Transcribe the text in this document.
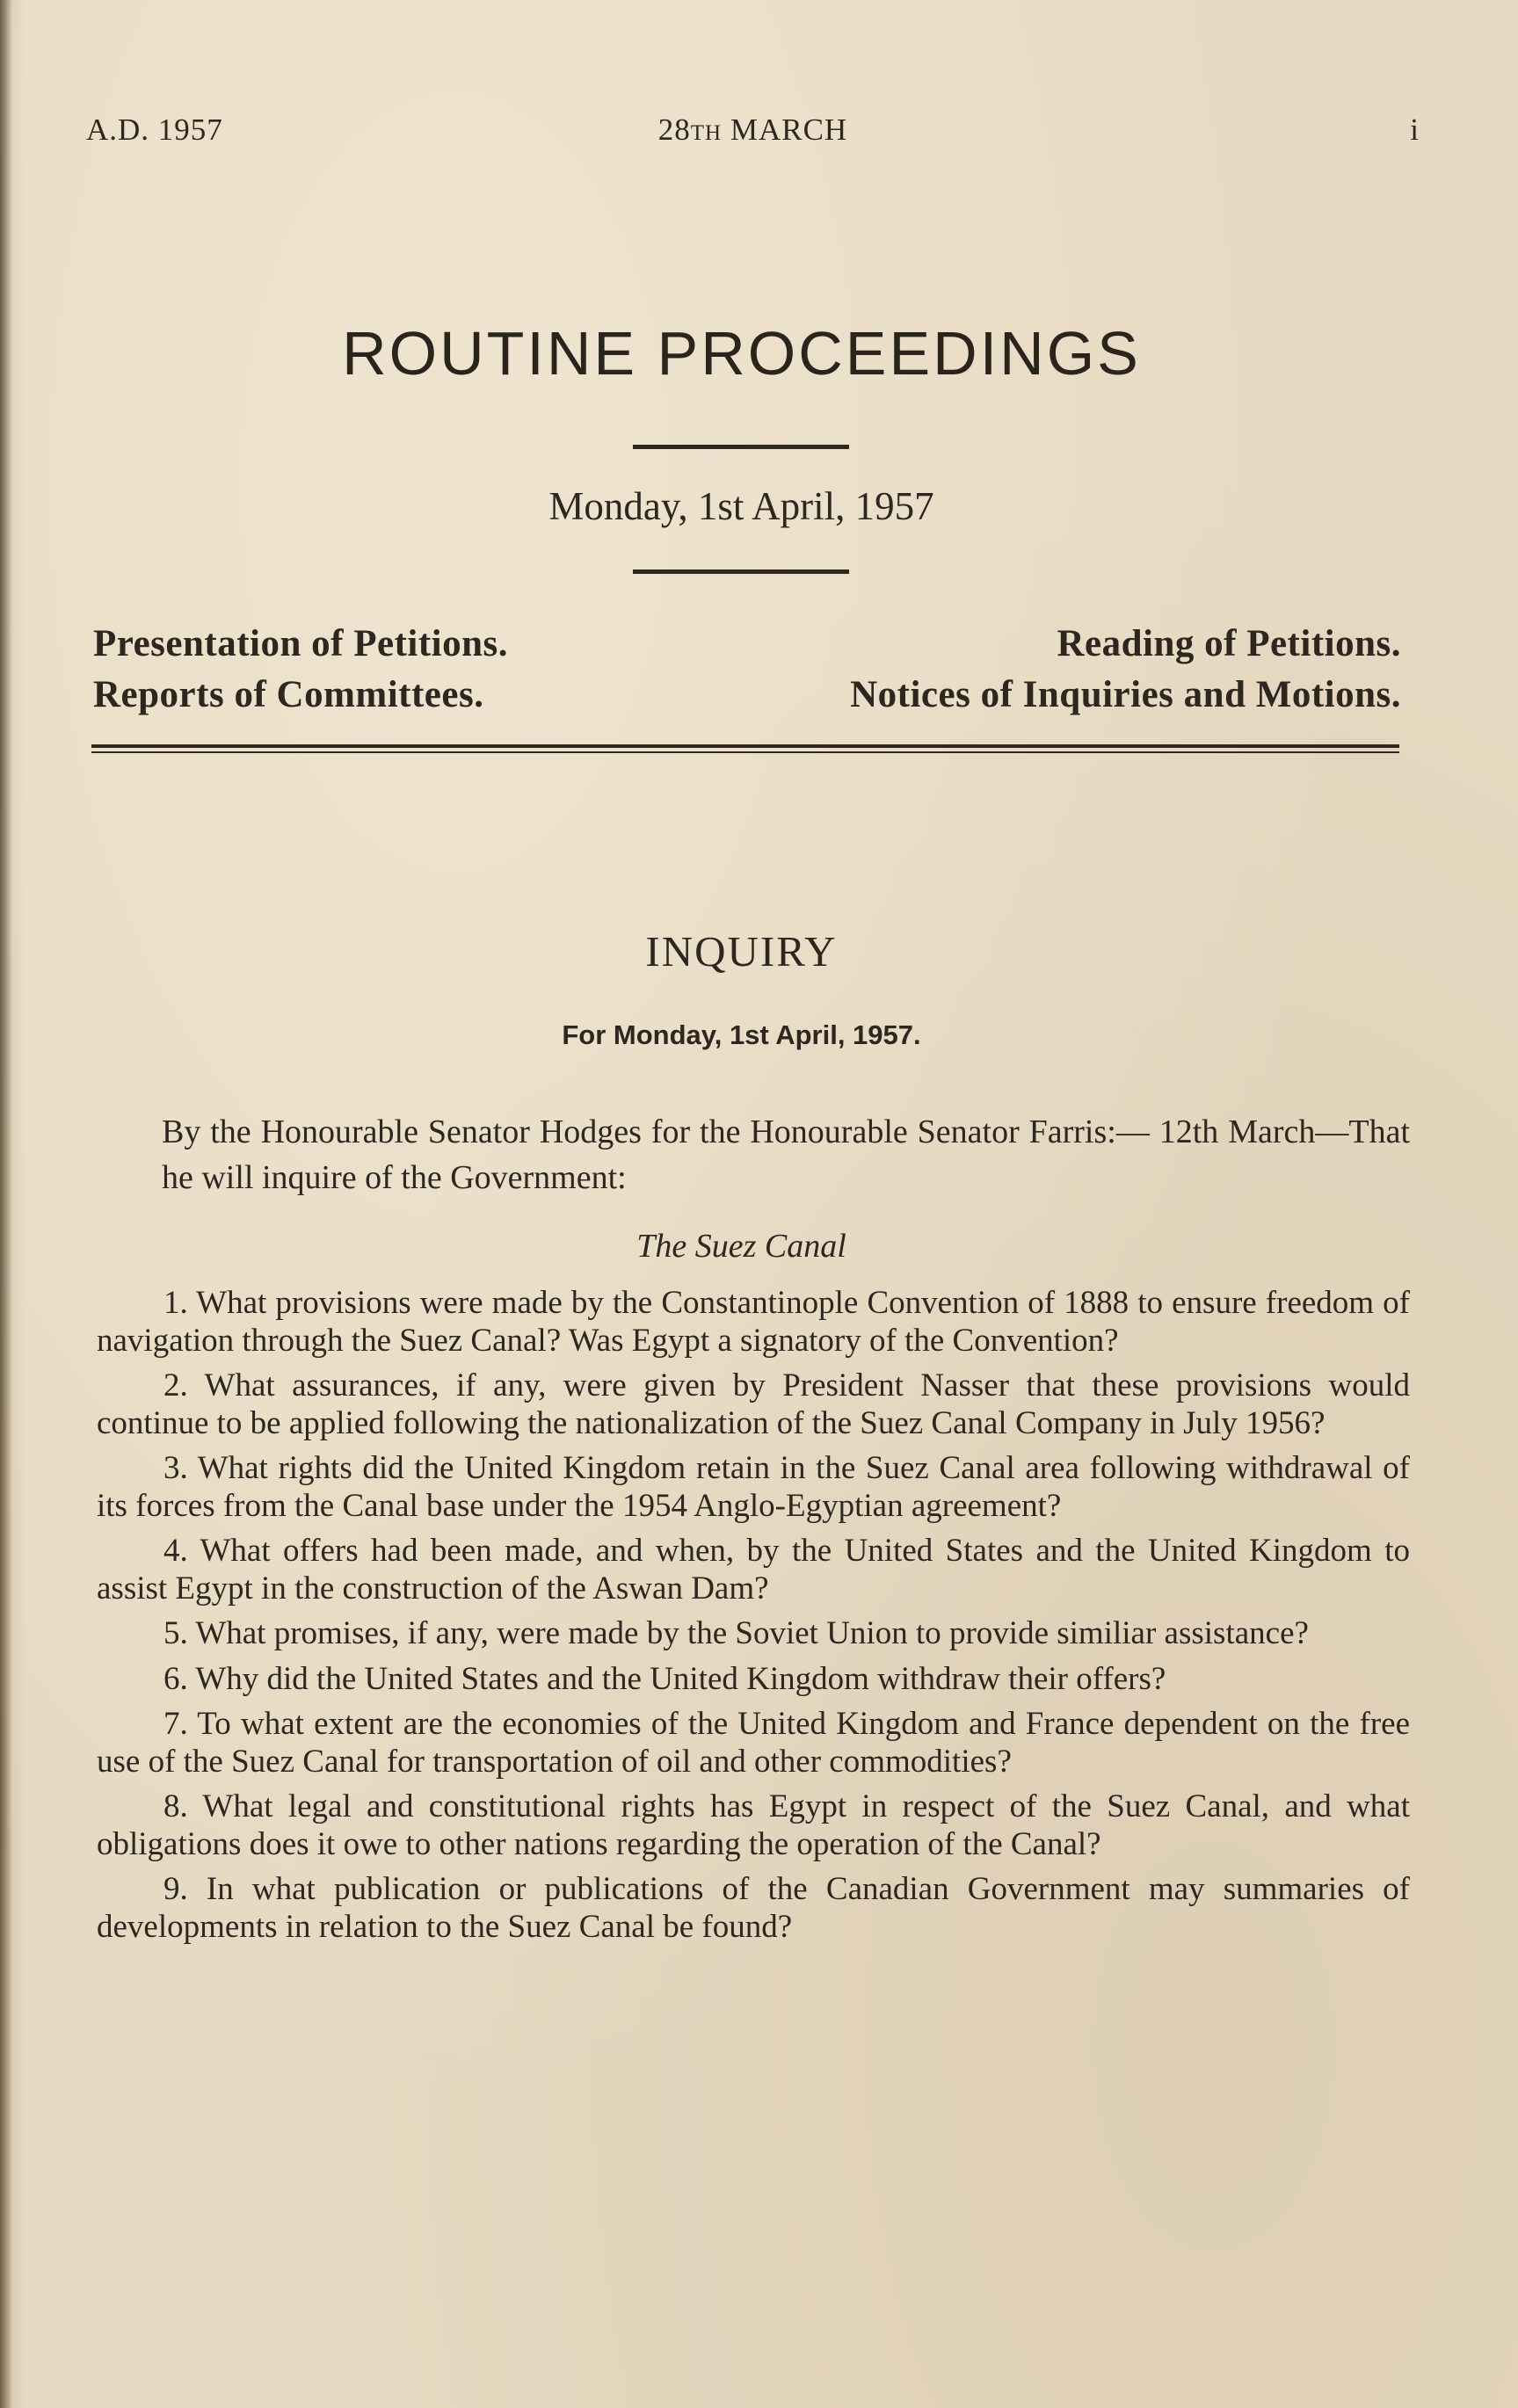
A.D. 1957	28TH MARCH	i
ROUTINE PROCEEDINGS
Monday, 1st April, 1957
Presentation of Petitions.	Reading of Petitions.
Reports of Committees.	Notices of Inquiries and Motions.
INQUIRY
For Monday, 1st April, 1957.
By the Honourable Senator Hodges for the Honourable Senator Farris:— 12th March—That he will inquire of the Government:
The Suez Canal

1. What provisions were made by the Constantinople Convention of 1888 to ensure freedom of navigation through the Suez Canal? Was Egypt a signatory of the Convention?

2. What assurances, if any, were given by President Nasser that these provisions would continue to be applied following the nationalization of the Suez Canal Company in July 1956?

3. What rights did the United Kingdom retain in the Suez Canal area following withdrawal of its forces from the Canal base under the 1954 Anglo-Egyptian agreement?

4. What offers had been made, and when, by the United States and the United Kingdom to assist Egypt in the construction of the Aswan Dam?

5. What promises, if any, were made by the Soviet Union to provide similiar assistance?

6. Why did the United States and the United Kingdom withdraw their offers?

7. To what extent are the economies of the United Kingdom and France dependent on the free use of the Suez Canal for transportation of oil and other commodities?

8. What legal and constitutional rights has Egypt in respect of the Suez Canal, and what obligations does it owe to other nations regarding the operation of the Canal?

9. In what publication or publications of the Canadian Government may summaries of developments in relation to the Suez Canal be found?
